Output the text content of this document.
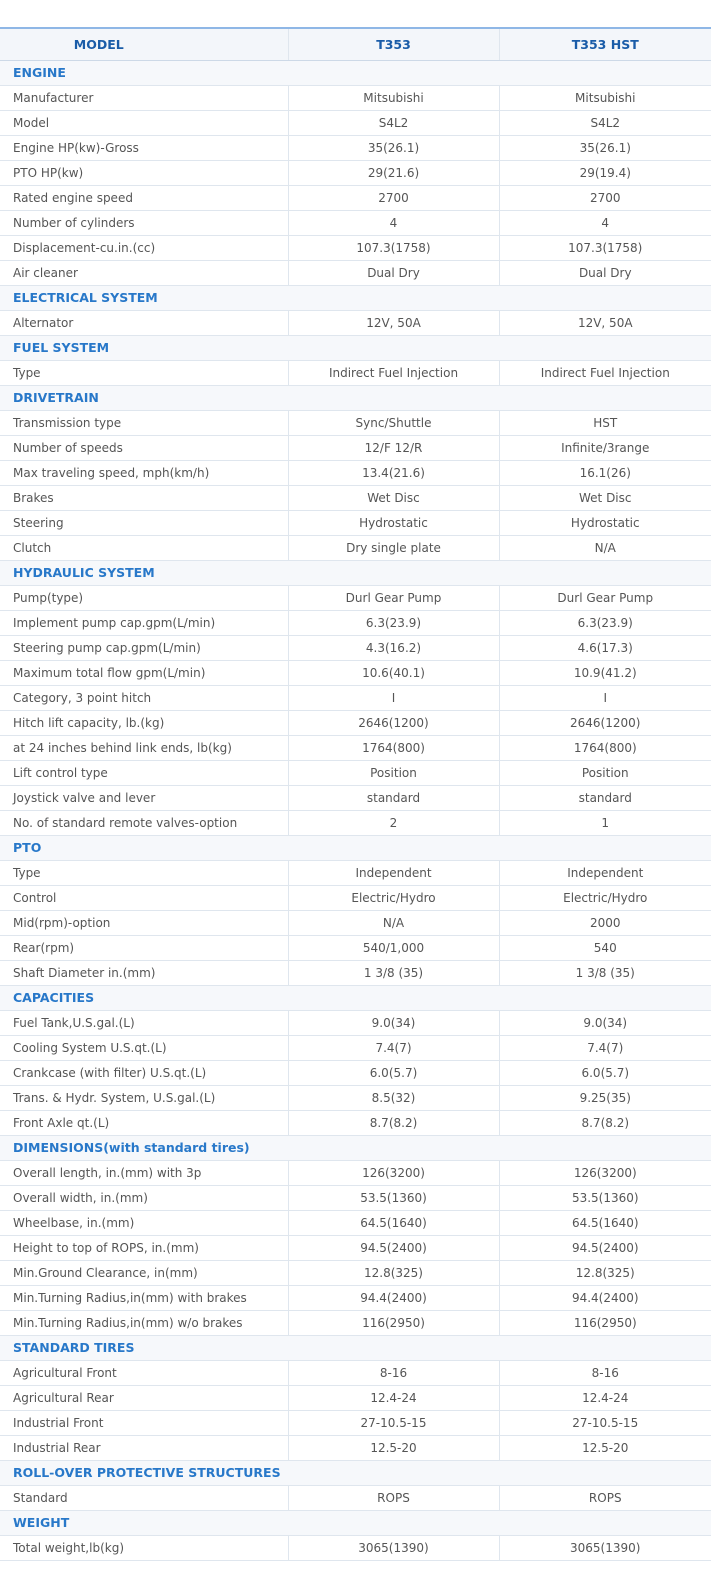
MODEL	T353	T353 HST
ENGINE		
Manufacturer	Mitsubishi	Mitsubishi
Model	S4L2	S4L2
Engine HP(kw)-Gross	35(26.1)	35(26.1)
PTO HP(kw)	29(21.6)	29(19.4)
Rated engine speed	2700	2700
Number of cylinders	4	4
Displacement-cu.in.(cc)	107.3(1758)	107.3(1758)
Air cleaner	Dual Dry	Dual Dry
ELECTRICAL SYSTEM		
Alternator	12V, 50A	12V, 50A
FUEL SYSTEM		
Type	Indirect Fuel Injection	Indirect Fuel Injection
DRIVETRAIN		
Transmission type	Sync/Shuttle	HST
Number of speeds	12/F 12/R	Infinite/3range
Max traveling speed, mph(km/h)	13.4(21.6)	16.1(26)
Brakes	Wet Disc	Wet Disc
Steering	Hydrostatic	Hydrostatic
Clutch	Dry single plate	N/A
HYDRAULIC SYSTEM		
Pump(type)	Durl Gear Pump	Durl Gear Pump
Implement pump cap.gpm(L/min)	6.3(23.9)	6.3(23.9)
Steering pump cap.gpm(L/min)	4.3(16.2)	4.6(17.3)
Maximum total flow gpm(L/min)	10.6(40.1)	10.9(41.2)
Category, 3 point hitch	I	I
Hitch lift capacity, lb.(kg)	2646(1200)	2646(1200)
at 24 inches behind link ends, lb(kg)	1764(800)	1764(800)
Lift control type	Position	Position
Joystick valve and lever	standard	standard
No. of standard remote valves-option	2	1
PTO		
Type	Independent	Independent
Control	Electric/Hydro	Electric/Hydro
Mid(rpm)-option	N/A	2000
Rear(rpm)	540/1,000	540
Shaft Diameter in.(mm)	1 3/8 (35)	1 3/8 (35)
CAPACITIES		
Fuel Tank,U.S.gal.(L)	9.0(34)	9.0(34)
Cooling System U.S.qt.(L)	7.4(7)	7.4(7)
Crankcase (with filter) U.S.qt.(L)	6.0(5.7)	6.0(5.7)
Trans. & Hydr. System, U.S.gal.(L)	8.5(32)	9.25(35)
Front Axle qt.(L)	8.7(8.2)	8.7(8.2)
DIMENSIONS(with standard tires)		
Overall length, in.(mm) with 3p	126(3200)	126(3200)
Overall width, in.(mm)	53.5(1360)	53.5(1360)
Wheelbase, in.(mm)	64.5(1640)	64.5(1640)
Height to top of ROPS, in.(mm)	94.5(2400)	94.5(2400)
Min.Ground Clearance, in(mm)	12.8(325)	12.8(325)
Min.Turning Radius,in(mm) with brakes	94.4(2400)	94.4(2400)
Min.Turning Radius,in(mm) w/o brakes	116(2950)	116(2950)
STANDARD TIRES		
Agricultural Front	8-16	8-16
Agricultural Rear	12.4-24	12.4-24
Industrial Front	27-10.5-15	27-10.5-15
Industrial Rear	12.5-20	12.5-20
ROLL-OVER PROTECTIVE STRUCTURES		
Standard	ROPS	ROPS
WEIGHT		
Total weight,lb(kg)	3065(1390)	3065(1390)
